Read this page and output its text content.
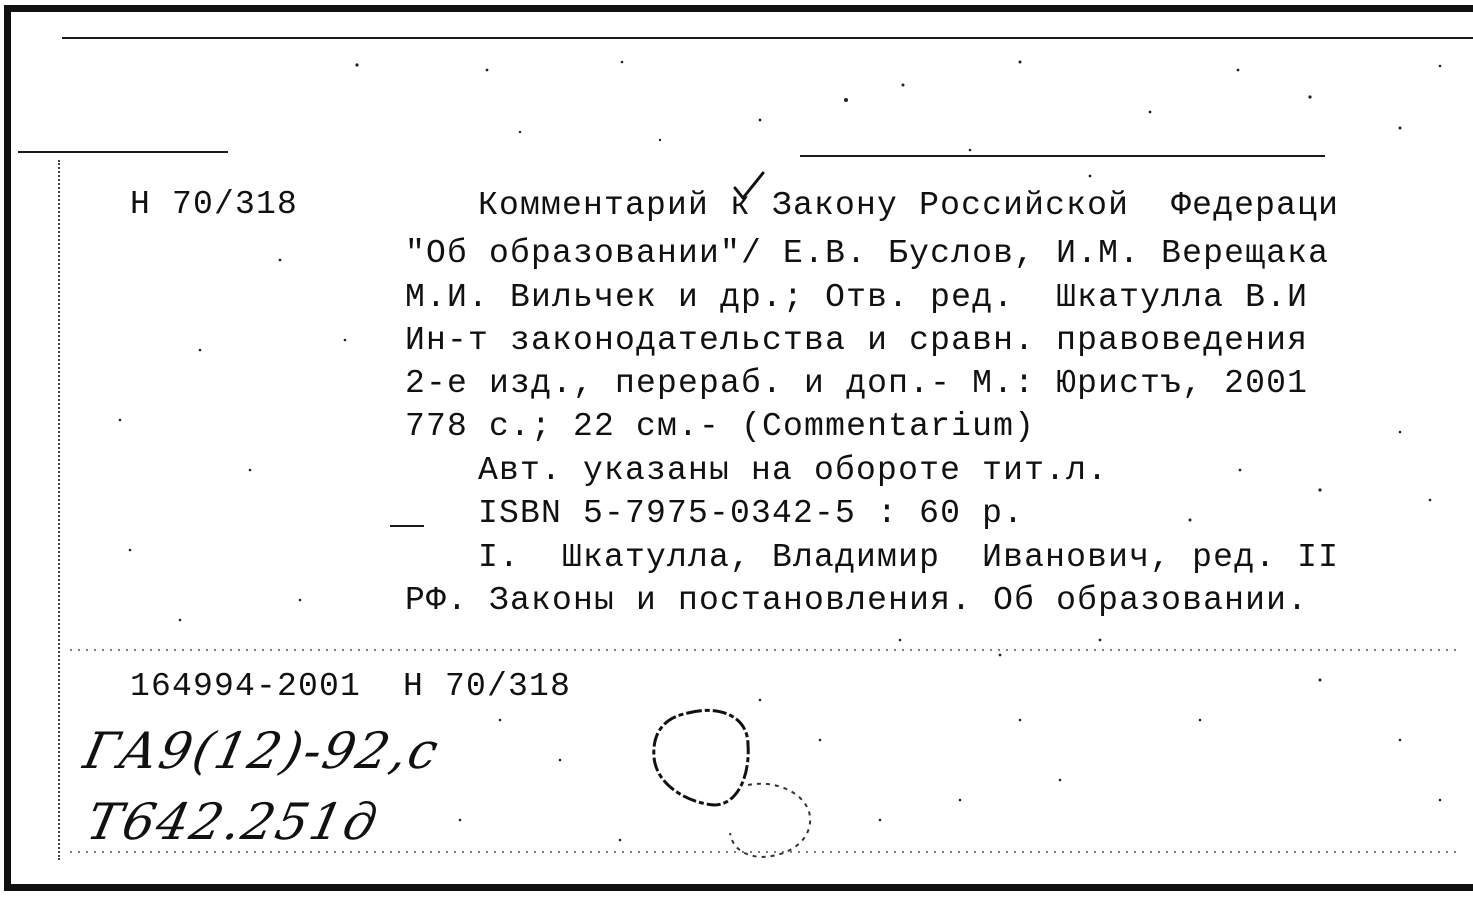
Н 70/318	Комментарий к Закону Российской  Федераци
"Об образовании"/ Е.В. Буслов, И.М. Верещака
М.И. Вильчек и др.; Отв. ред.  Шкатулла В.И
Ин-т законодательства и сравн. правоведения
2-е изд., перераб. и доп.- М.: Юристъ, 2001
778 с.; 22 см.- (Commentarium)
Авт. указаны на обороте тит.л.
ISBN 5-7975-0342-5 : 60 р.
I.  Шкатулла, Владимир  Иванович, ред. II
РФ. Законы и постановления. Об образовании.
164994-2001  Н 70/318
ГА9(12)-92,с
Т642.251д
